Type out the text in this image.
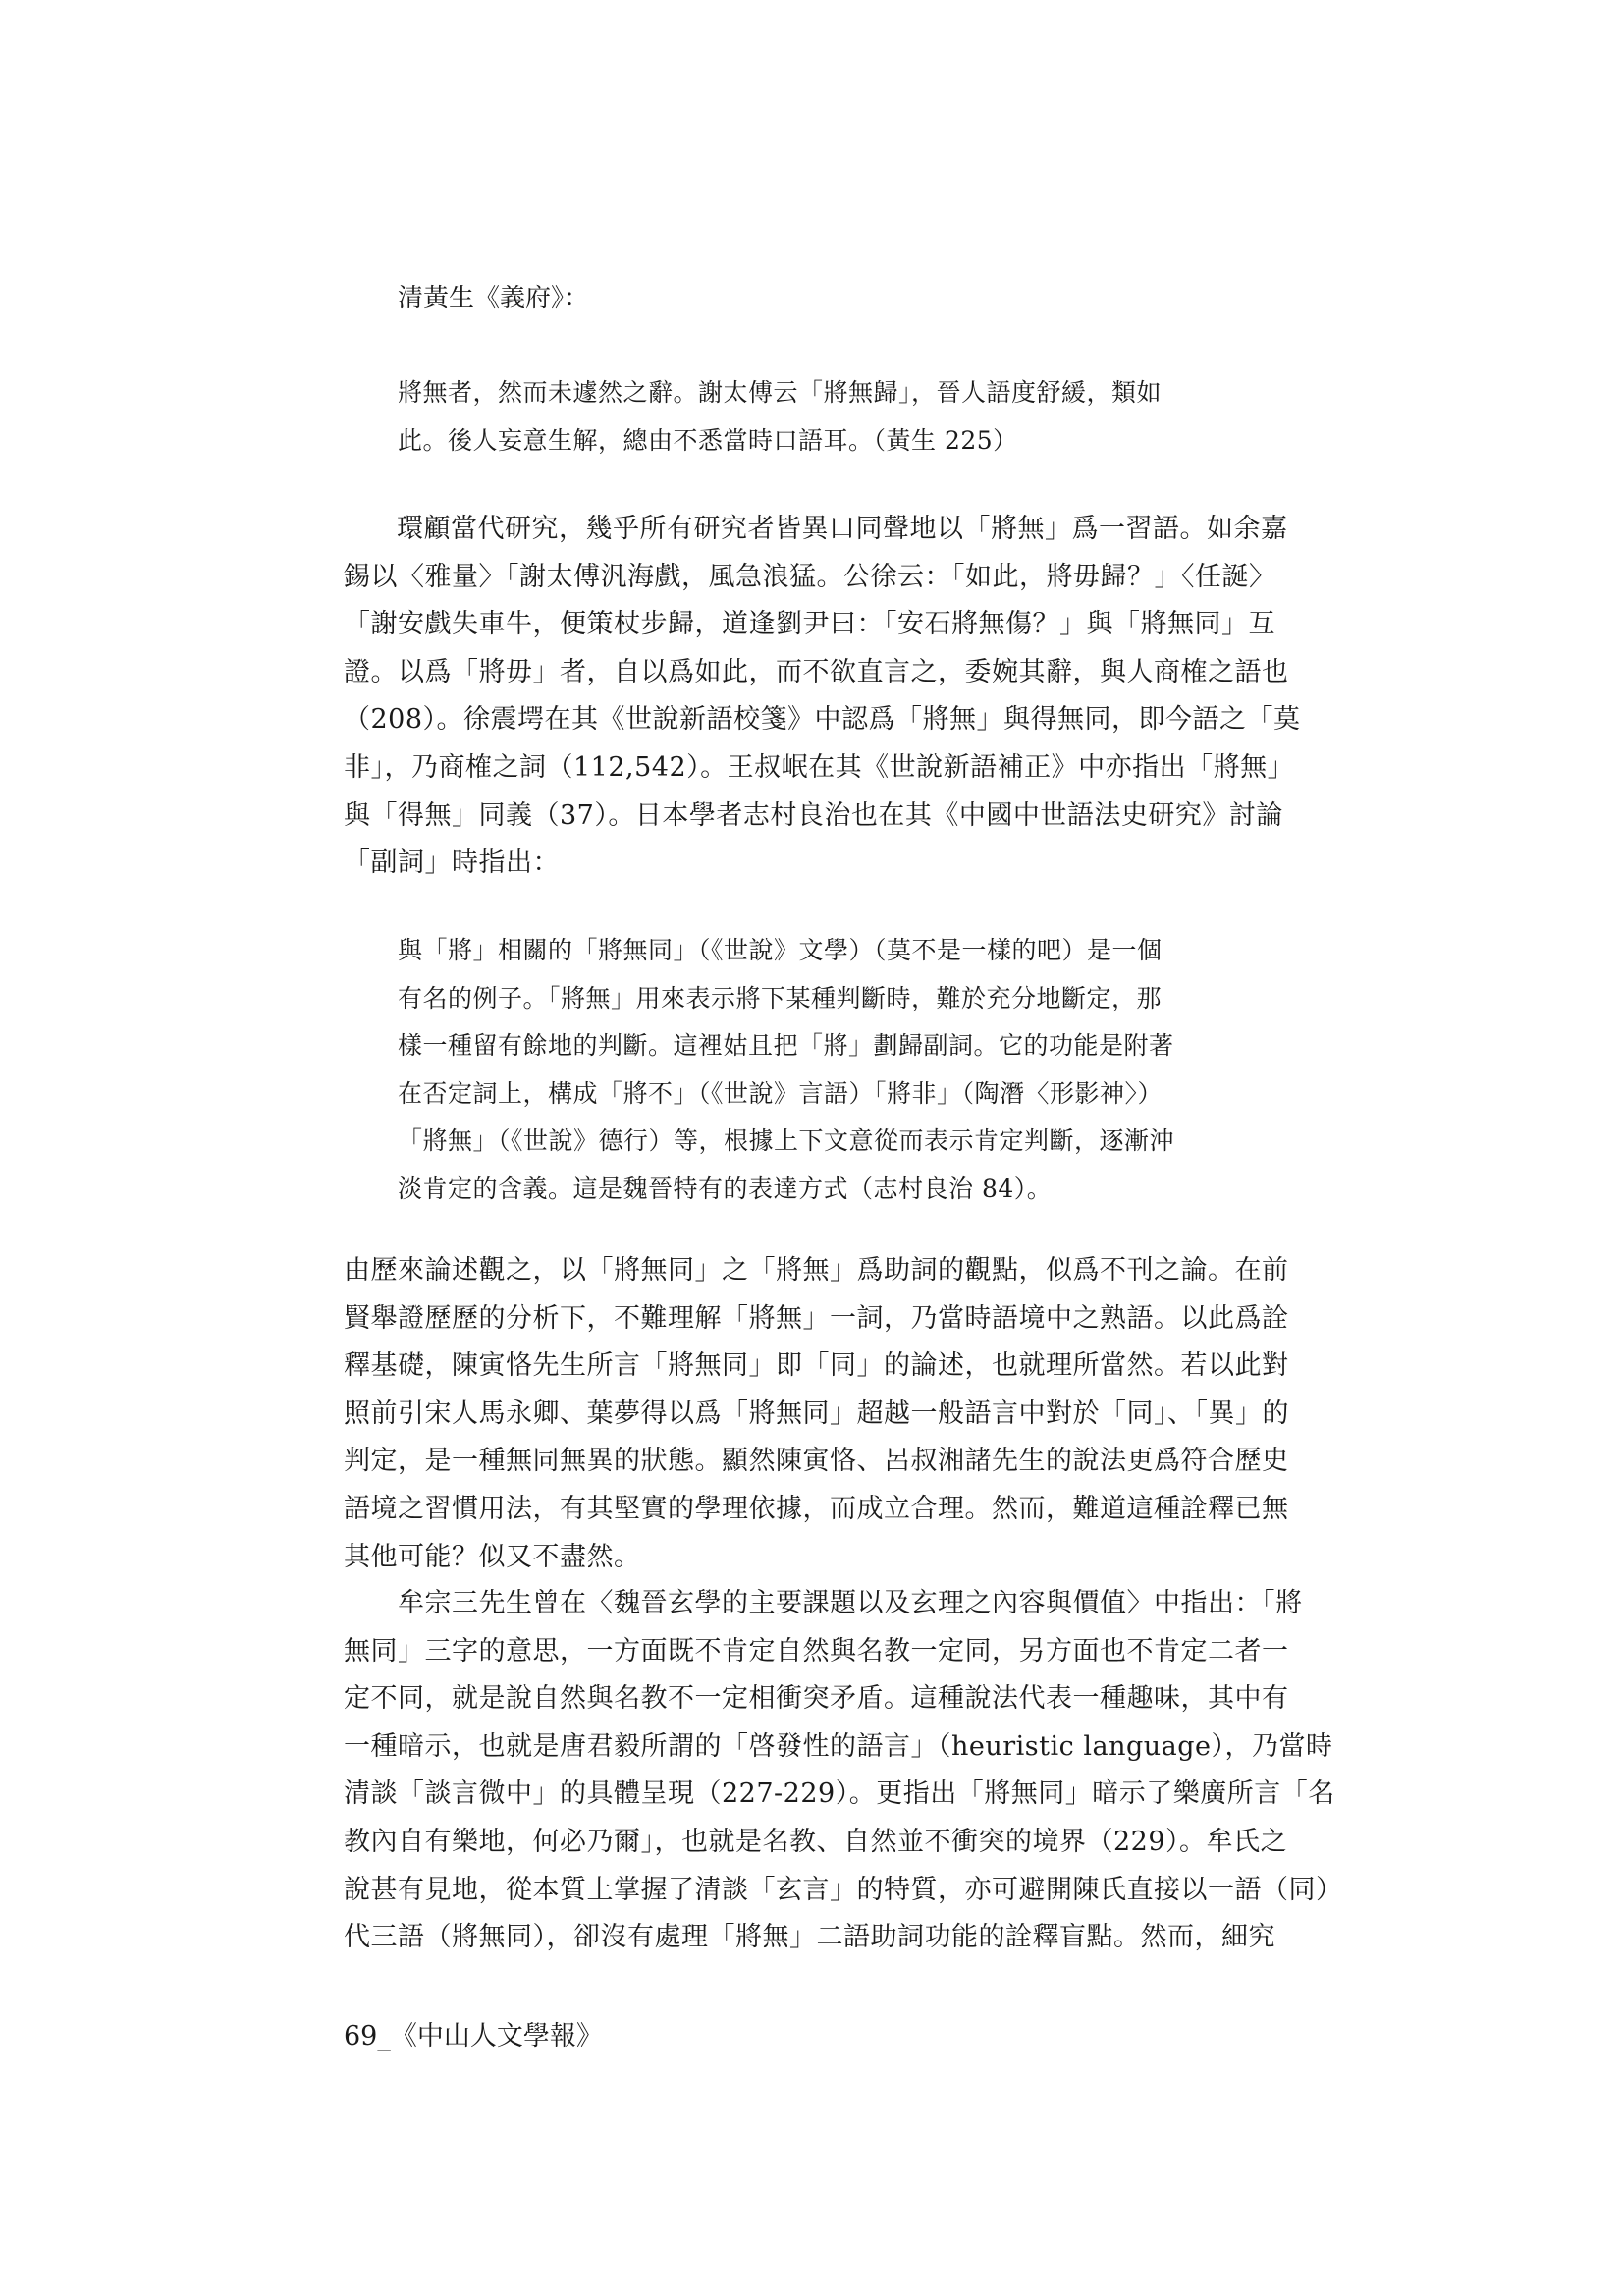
清黃生《義府》：
將無者，然而未遽然之辭。謝太傅云「將無歸」，晉人語度舒緩，類如
此。後人妄意生解，總由不悉當時口語耳。（黃生 225）
環顧當代研究，幾乎所有研究者皆異口同聲地以「將無」爲一習語。如余嘉
錫以〈雅量〉「謝太傅汎海戲，風急浪猛。公徐云：「如此，將毋歸？」〈任誕〉
「謝安戲失車牛，便策杖步歸，道逢劉尹曰：「安石將無傷？」與「將無同」互
證。以爲「將毋」者，自以爲如此，而不欲直言之，委婉其辭，與人商榷之語也
（208）。徐震堮在其《世說新語校箋》中認爲「將無」與得無同，即今語之「莫
非」，乃商榷之詞（112,542）。王叔岷在其《世說新語補正》中亦指出「將無」
與「得無」同義（37）。日本學者志村良治也在其《中國中世語法史研究》討論
「副詞」時指出：
與「將」相關的「將無同」（《世說》文學）（莫不是一樣的吧）是一個
有名的例子。「將無」用來表示將下某種判斷時，難於充分地斷定，那
樣一種留有餘地的判斷。這裡姑且把「將」劃歸副詞。它的功能是附著
在否定詞上，構成「將不」（《世說》言語）「將非」（陶潛〈形影神〉）
「將無」（《世說》德行）等，根據上下文意從而表示肯定判斷，逐漸沖
淡肯定的含義。這是魏晉特有的表達方式（志村良治 84）。
由歷來論述觀之，以「將無同」之「將無」爲助詞的觀點，似爲不刊之論。在前
賢舉證歷歷的分析下，不難理解「將無」一詞，乃當時語境中之熟語。以此爲詮
釋基礎，陳寅恪先生所言「將無同」即「同」的論述，也就理所當然。若以此對
照前引宋人馬永卿、葉夢得以爲「將無同」超越一般語言中對於「同」、「異」的
判定，是一種無同無異的狀態。顯然陳寅恪、呂叔湘諸先生的說法更爲符合歷史
語境之習慣用法，有其堅實的學理依據，而成立合理。然而，難道這種詮釋已無
其他可能？似又不盡然。
　　牟宗三先生曾在〈魏晉玄學的主要課題以及玄理之內容與價值〉中指出：「將
無同」三字的意思，一方面既不肯定自然與名教一定同，另方面也不肯定二者一
定不同，就是說自然與名教不一定相衝突矛盾。這種說法代表一種趣味，其中有
一種暗示，也就是唐君毅所謂的「啓發性的語言」（heuristic language），乃當時
清談「談言微中」的具體呈現（227-229）。更指出「將無同」暗示了樂廣所言「名
教內自有樂地，何必乃爾」，也就是名教、自然並不衝突的境界（229）。牟氏之
說甚有見地，從本質上掌握了清談「玄言」的特質，亦可避開陳氏直接以一語（同）
代三語（將無同），卻沒有處理「將無」二語助詞功能的詮釋盲點。然而，細究
69_《中山人文學報》
